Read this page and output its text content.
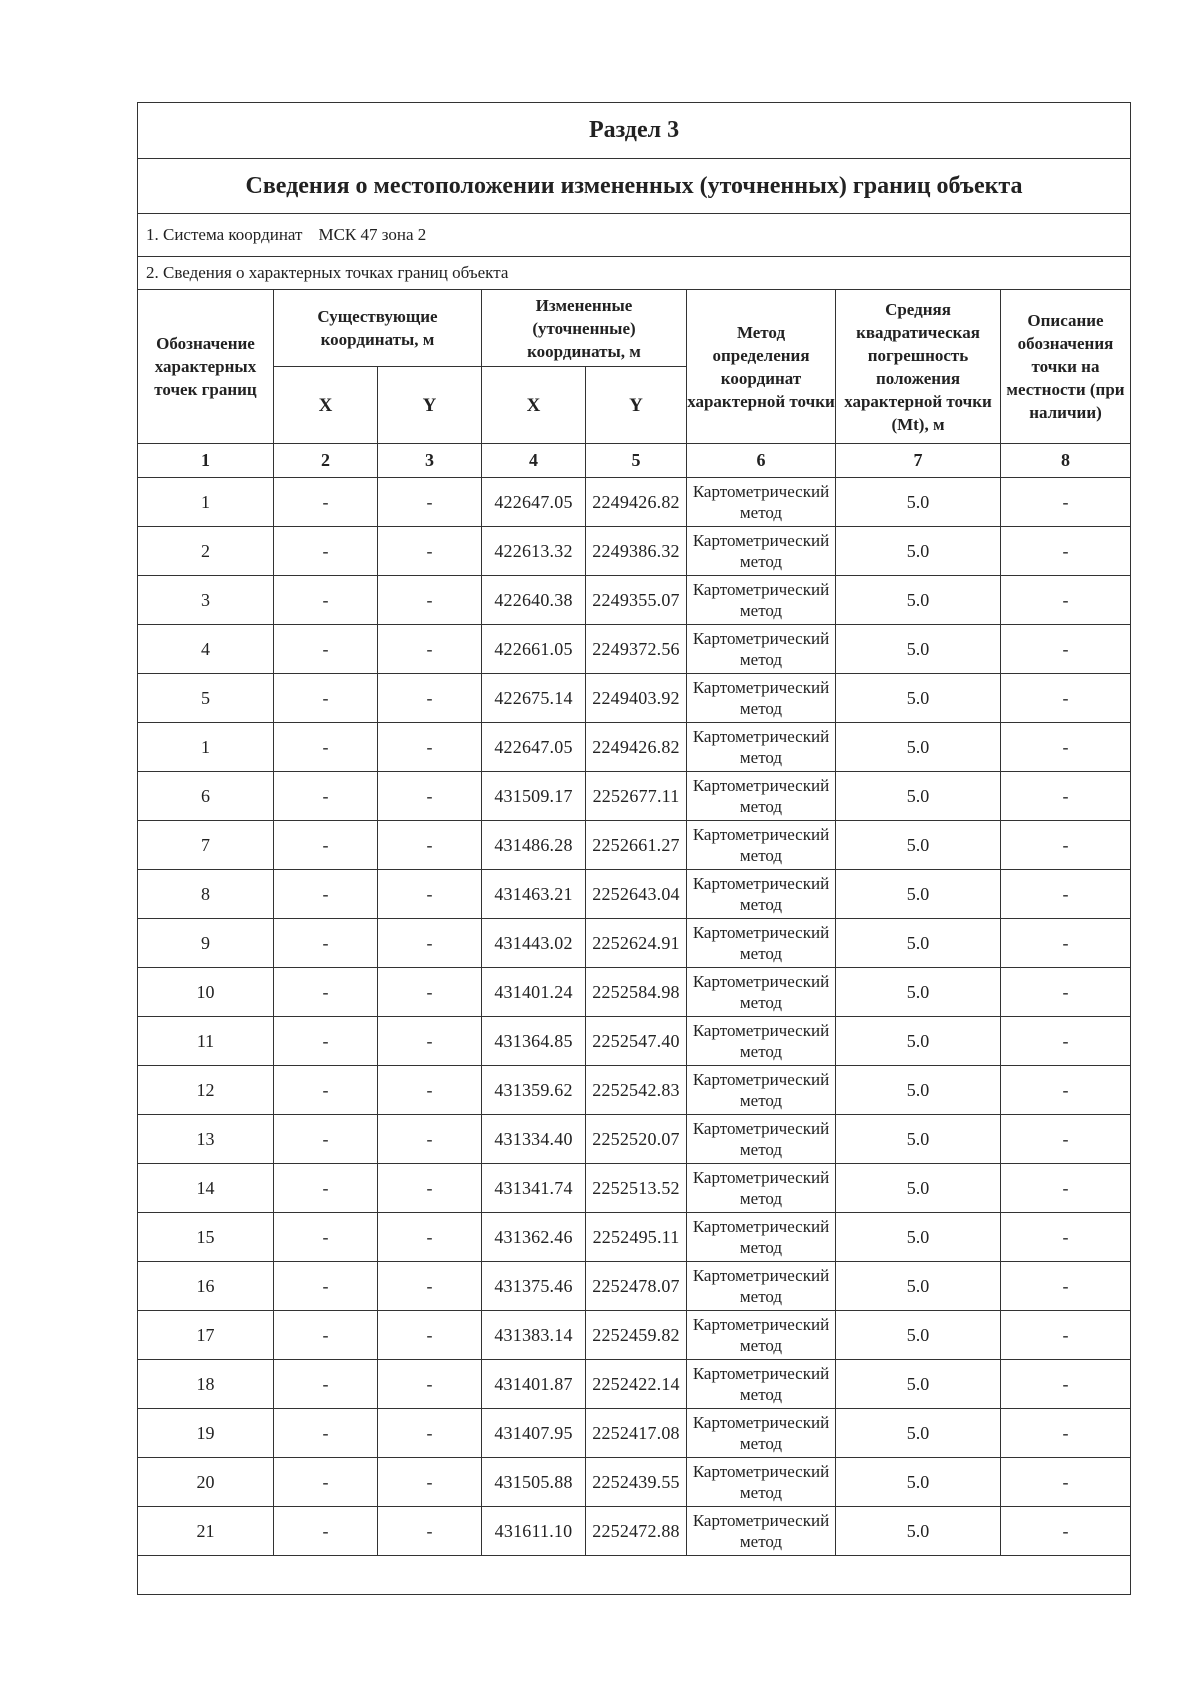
Раздел 3							
Сведения о местоположении измененных (уточненных) границ объекта							
1. Система координат МСК 47 зона 2							
2. Сведения о характерных точках границ объекта							
Обозначение характерных точек границ	Существующие координаты, м		Измененные (уточненные) координаты, м		Метод определения координат характерной точки	Средняя квадратическая погрешность положения характерной точки (Mt), м	Описание обозначения точки на местности (при наличии)
	X	Y	X	Y			
1	2	3	4	5	6	7	8
1	-	-	422647.05	2249426.82	Картометрический метод	5.0	-
2	-	-	422613.32	2249386.32	Картометрический метод	5.0	-
3	-	-	422640.38	2249355.07	Картометрический метод	5.0	-
4	-	-	422661.05	2249372.56	Картометрический метод	5.0	-
5	-	-	422675.14	2249403.92	Картометрический метод	5.0	-
1	-	-	422647.05	2249426.82	Картометрический метод	5.0	-
6	-	-	431509.17	2252677.11	Картометрический метод	5.0	-
7	-	-	431486.28	2252661.27	Картометрический метод	5.0	-
8	-	-	431463.21	2252643.04	Картометрический метод	5.0	-
9	-	-	431443.02	2252624.91	Картометрический метод	5.0	-
10	-	-	431401.24	2252584.98	Картометрический метод	5.0	-
11	-	-	431364.85	2252547.40	Картометрический метод	5.0	-
12	-	-	431359.62	2252542.83	Картометрический метод	5.0	-
13	-	-	431334.40	2252520.07	Картометрический метод	5.0	-
14	-	-	431341.74	2252513.52	Картометрический метод	5.0	-
15	-	-	431362.46	2252495.11	Картометрический метод	5.0	-
16	-	-	431375.46	2252478.07	Картометрический метод	5.0	-
17	-	-	431383.14	2252459.82	Картометрический метод	5.0	-
18	-	-	431401.87	2252422.14	Картометрический метод	5.0	-
19	-	-	431407.95	2252417.08	Картометрический метод	5.0	-
20	-	-	431505.88	2252439.55	Картометрический метод	5.0	-
21	-	-	431611.10	2252472.88	Картометрический метод	5.0	-
